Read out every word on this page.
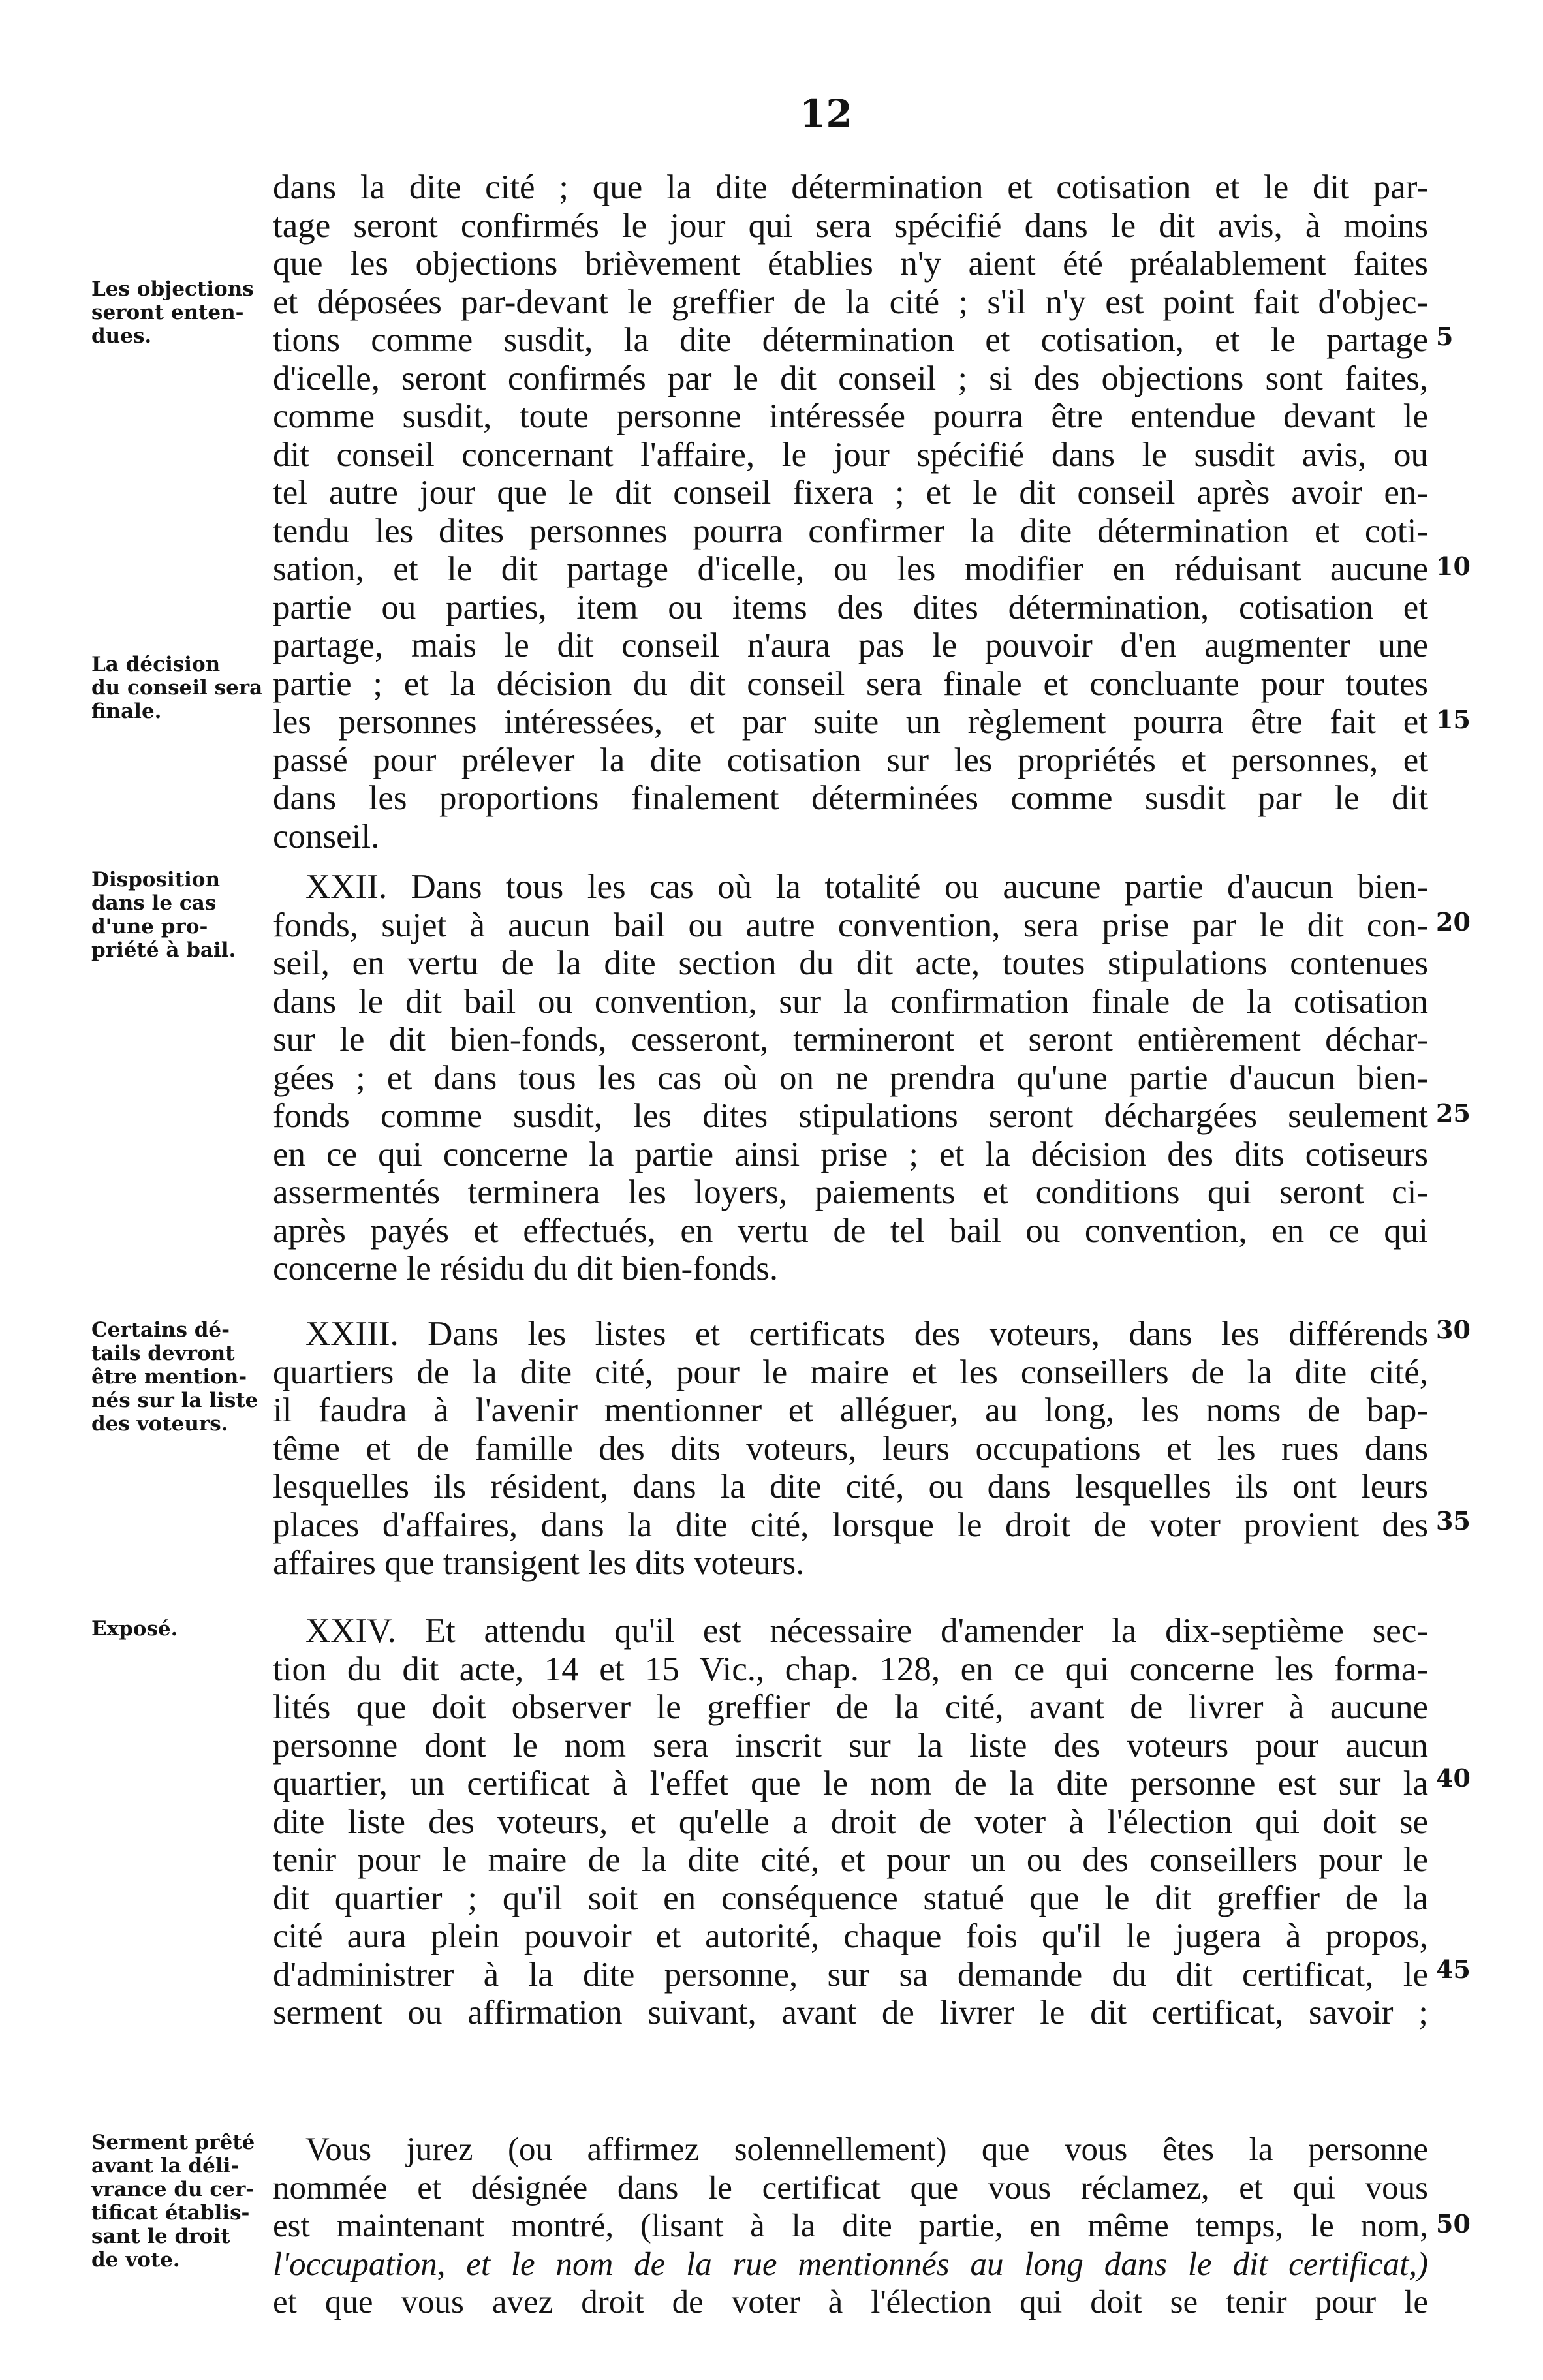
12
dans la dite cité ; que la dite détermination et cotisation et le dit par-
tage seront confirmés le jour qui sera spécifié dans le dit avis, à moins
que les objections brièvement établies n'y aient été préalablement faites
et déposées par-devant le greffier de la cité ; s'il n'y est point fait d'objec-
tions comme susdit, la dite détermination et cotisation, et le partage
d'icelle, seront confirmés par le dit conseil ; si des objections sont faites,
comme susdit, toute personne intéressée pourra être entendue devant le
dit conseil concernant l'affaire, le jour spécifié dans le susdit avis, ou
tel autre jour que le dit conseil fixera ; et le dit conseil après avoir en-
tendu les dites personnes pourra confirmer la dite détermination et coti-
sation, et le dit partage d'icelle, ou les modifier en réduisant aucune
partie ou parties, item ou items des dites détermination, cotisation et
partage, mais le dit conseil n'aura pas le pouvoir d'en augmenter une
partie ; et la décision du dit conseil sera finale et concluante pour toutes
les personnes intéressées, et par suite un règlement pourra être fait et
passé pour prélever la dite cotisation sur les propriétés et personnes, et
dans les proportions finalement déterminées comme susdit par le dit
conseil.
XXII. Dans tous les cas où la totalité ou aucune partie d'aucun bien-
fonds, sujet à aucun bail ou autre convention, sera prise par le dit con-
seil, en vertu de la dite section du dit acte, toutes stipulations contenues
dans le dit bail ou convention, sur la confirmation finale de la cotisation
sur le dit bien-fonds, cesseront, termineront et seront entièrement déchar-
gées ; et dans tous les cas où on ne prendra qu'une partie d'aucun bien-
fonds comme susdit, les dites stipulations seront déchargées seulement
en ce qui concerne la partie ainsi prise ; et la décision des dits cotiseurs
assermentés terminera les loyers, paiements et conditions qui seront ci-
après payés et effectués, en vertu de tel bail ou convention, en ce qui
concerne le résidu du dit bien-fonds.
XXIII. Dans les listes et certificats des voteurs, dans les différends
quartiers de la dite cité, pour le maire et les conseillers de la dite cité,
il faudra à l'avenir mentionner et alléguer, au long, les noms de bap-
tême et de famille des dits voteurs, leurs occupations et les rues dans
lesquelles ils résident, dans la dite cité, ou dans lesquelles ils ont leurs
places d'affaires, dans la dite cité, lorsque le droit de voter provient des
affaires que transigent les dits voteurs.
XXIV. Et attendu qu'il est nécessaire d'amender la dix-septième sec-
tion du dit acte, 14 et 15 Vic., chap. 128, en ce qui concerne les forma-
lités que doit observer le greffier de la cité, avant de livrer à aucune
personne dont le nom sera inscrit sur la liste des voteurs pour aucun
quartier, un certificat à l'effet que le nom de la dite personne est sur la
dite liste des voteurs, et qu'elle a droit de voter à l'élection qui doit se
tenir pour le maire de la dite cité, et pour un ou des conseillers pour le
dit quartier ; qu'il soit en conséquence statué que le dit greffier de la
cité aura plein pouvoir et autorité, chaque fois qu'il le jugera à propos,
d'administrer à la dite personne, sur sa demande du dit certificat, le
serment ou affirmation suivant, avant de livrer le dit certificat, savoir ;
Vous jurez (ou affirmez solennellement) que vous êtes la personne
nommée et désignée dans le certificat que vous réclamez, et qui vous
est maintenant montré, (lisant à la dite partie, en même temps, le nom,
l'occupation, et le nom de la rue mentionnés au long dans le dit certificat,)
et que vous avez droit de voter à l'élection qui doit se tenir pour le
Les objections
seront enten-
dues.
La décision
du conseil sera
finale.
Disposition
dans le cas
d'une pro-
priété à bail.
Certains dé-
tails devront
être mention-
nés sur la liste
des voteurs.
Exposé.
Serment prêté
avant la déli-
vrance du cer-
tificat établis-
sant le droit
de vote.
5
10
15
20
25
30
35
40
45
50
